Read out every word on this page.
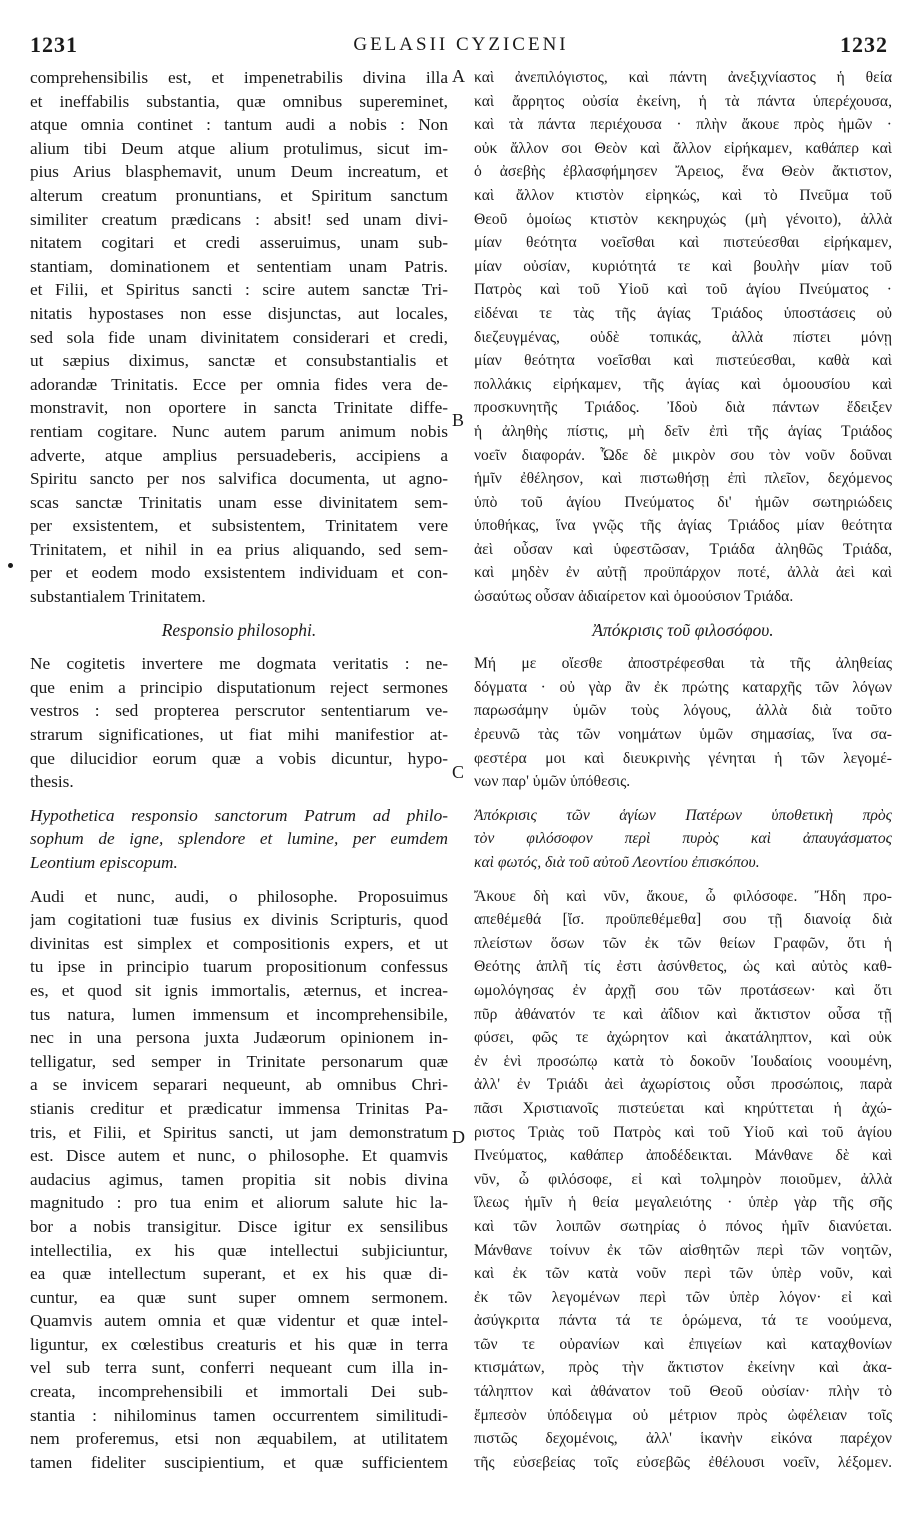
1231	GELASII CYZICENI	1232
A
B
C
D
comprehensibilis est, et impenetrabilis divina illa
et ineffabilis substantia, quæ omnibus supereminet,
atque omnia continet : tantum audi a nobis : Non
alium tibi Deum atque alium protulimus, sicut im-
pius Arius blasphemavit, unum Deum increatum, et
alterum creatum pronuntians, et Spiritum sanctum
similiter creatum prædicans : absit! sed unam divi-
nitatem cogitari et credi asseruimus, unam sub-
stantiam, dominationem et sententiam unam Patris.
et Filii, et Spiritus sancti : scire autem sanctæ Tri-
nitatis hypostases non esse disjunctas, aut locales,
sed sola fide unam divinitatem considerari et credi,
ut sæpius diximus, sanctæ et consubstantialis et
adorandæ Trinitatis. Ecce per omnia fides vera de-
monstravit, non oportere in sancta Trinitate diffe-
rentiam cogitare. Nunc autem parum animum nobis
adverte, atque amplius persuadeberis, accipiens a
Spiritu sancto per nos salvifica documenta, ut agno-
scas sanctæ Trinitatis unam esse divinitatem sem-
per exsistentem, et subsistentem, Trinitatem vere
Trinitatem, et nihil in ea prius aliquando, sed sem-
per et eodem modo exsistentem individuam et con-
substantialem Trinitatem.
Responsio philosophi.
Ne cogitetis invertere me dogmata veritatis : ne-
que enim a principio disputationum reject sermones
vestros : sed propterea perscrutor sententiarum ve-
strarum significationes, ut fiat mihi manifestior at-
que dilucidior eorum quæ a vobis dicuntur, hypo-
thesis.
Hypothetica responsio sanctorum Patrum ad philo-
sophum de igne, splendore et lumine, per eumdem
Leontium episcopum.
Audi et nunc, audi, o philosophe. Proposuimus
jam cogitationi tuæ fusius ex divinis Scripturis, quod
divinitas est simplex et compositionis expers, et ut
tu ipse in principio tuarum propositionum confessus
es, et quod sit ignis immortalis, æternus, et increa-
tus natura, lumen immensum et incomprehensibile,
nec in una persona juxta Judæorum opinionem in-
telligatur, sed semper in Trinitate personarum quæ
a se invicem separari nequeunt, ab omnibus Chri-
stianis creditur et prædicatur immensa Trinitas Pa-
tris, et Filii, et Spiritus sancti, ut jam demonstratum
est. Disce autem et nunc, o philosophe. Et quamvis
audacius agimus, tamen propitia sit nobis divina
magnitudo : pro tua enim et aliorum salute hic la-
bor a nobis transigitur. Disce igitur ex sensilibus
intellectilia, ex his quæ intellectui subjiciuntur,
ea quæ intellectum superant, et ex his quæ di-
cuntur, ea quæ sunt super omnem sermonem.
Quamvis autem omnia et quæ videntur et quæ intel-
liguntur, ex cœlestibus creaturis et his quæ in terra
vel sub terra sunt, conferri nequeant cum illa in-
creata, incomprehensibili et immortali Dei sub-
stantia : nihilominus tamen occurrentem similitudi-
nem proferemus, etsi non æquabilem, at utilitatem
tamen fideliter suscipientium, et quæ sufficientem
καὶ ἀνεπιλόγιστος, καὶ πάντη ἀνεξιχνίαστος ἡ θεία
καὶ ἄρρητος οὐσία ἐκείνη, ἡ τὰ πάντα ὑπερέχουσα,
καὶ τὰ πάντα περιέχουσα · πλὴν ἄκουε πρὸς ἡμῶν ·
οὐκ ἄλλον σοι Θεὸν καὶ ἄλλον εἰρήκαμεν, καθάπερ καὶ
ὁ ἀσεβὴς ἐβλασφήμησεν Ἄρειος, ἕνα Θεὸν ἄκτιστον,
καὶ ἄλλον κτιστὸν εἰρηκώς, καὶ τὸ Πνεῦμα τοῦ
Θεοῦ ὁμοίως κτιστὸν κεκηρυχώς (μὴ γένοιτο), ἀλλὰ
μίαν θεότητα νοεῖσθαι καὶ πιστεύεσθαι εἰρήκαμεν,
μίαν οὐσίαν, κυριότητά τε καὶ βουλὴν μίαν τοῦ
Πατρὸς καὶ τοῦ Υἱοῦ καὶ τοῦ ἁγίου Πνεύματος ·
εἰδέναι τε τὰς τῆς ἁγίας Τριάδος ὑποστάσεις οὐ
διεζευγμένας, οὐδὲ τοπικάς, ἀλλὰ πίστει μόνῃ
μίαν θεότητα νοεῖσθαι καὶ πιστεύεσθαι, καθὰ καὶ
πολλάκις εἰρήκαμεν, τῆς ἁγίας καὶ ὁμοουσίου καὶ
προσκυνητῆς Τριάδος. Ἰδοὺ διὰ πάντων ἔδειξεν
ἡ ἀληθὴς πίστις, μὴ δεῖν ἐπὶ τῆς ἁγίας Τριάδος
νοεῖν διαφοράν. Ὧδε δὲ μικρὸν σου τὸν νοῦν δοῦναι
ἡμῖν ἐθέλησον, καὶ πιστωθήσῃ ἐπὶ πλεῖον, δεχόμενος
ὑπὸ τοῦ ἁγίου Πνεύματος δι' ἡμῶν σωτηριώδεις
ὑποθήκας, ἵνα γνῷς τῆς ἁγίας Τριάδος μίαν θεότητα
ἀεὶ οὖσαν καὶ ὑφεστῶσαν, Τριάδα ἀληθῶς Τριάδα,
καὶ μηδὲν ἐν αὐτῇ προϋπάρχον ποτέ, ἀλλὰ ἀεὶ καὶ
ὡσαύτως οὖσαν ἀδιαίρετον καὶ ὁμοούσιον Τριάδα.
Ἀπόκρισις τοῦ φιλοσόφου.
Μή με οἴεσθε ἀποστρέφεσθαι τὰ τῆς ἀληθείας
δόγματα · οὐ γὰρ ἂν ἐκ πρώτης καταρχῆς τῶν λόγων
παρωσάμην ὑμῶν τοὺς λόγους, ἀλλὰ διὰ τοῦτο
ἐρευνῶ τὰς τῶν νοημάτων ὑμῶν σημασίας, ἵνα σα-
φεστέρα μοι καὶ διευκρινὴς γένηται ἡ τῶν λεγομέ-
νων παρ' ὑμῶν ὑπόθεσις.
Ἀπόκρισις τῶν ἁγίων Πατέρων ὑποθετικὴ πρὸς
τὸν φιλόσοφον περὶ πυρὸς καὶ ἀπαυγάσματος
καὶ φωτός, διὰ τοῦ αὐτοῦ Λεοντίου ἐπισκόπου.
Ἄκουε δὴ καὶ νῦν, ἄκουε, ὦ φιλόσοφε. Ἤδη προ-
απεθέμεθά [ἴσ. προϋπεθέμεθα] σου τῇ διανοίᾳ διὰ
πλείστων ὅσων τῶν ἐκ τῶν θείων Γραφῶν, ὅτι ἡ
Θεότης ἁπλῆ τίς ἐστι ἀσύνθετος, ὡς καὶ αὐτὸς καθ-
ωμολόγησας ἐν ἀρχῇ σου τῶν προτάσεων· καὶ ὅτι
πῦρ ἀθάνατόν τε καὶ ἀΐδιον καὶ ἄκτιστον οὖσα τῇ
φύσει, φῶς τε ἀχώρητον καὶ ἀκατάληπτον, καὶ οὐκ
ἐν ἑνὶ προσώπῳ κατὰ τὸ δοκοῦν Ἰουδαίοις νοουμένη,
ἀλλ' ἐν Τριάδι ἀεὶ ἀχωρίστοις οὖσι προσώποις, παρὰ
πᾶσι Χριστιανοῖς πιστεύεται καὶ κηρύττεται ἡ ἀχώ-
ριστος Τριὰς τοῦ Πατρὸς καὶ τοῦ Υἱοῦ καὶ τοῦ ἁγίου
Πνεύματος, καθάπερ ἀποδέδεικται. Μάνθανε δὲ καὶ
νῦν, ὦ φιλόσοφε, εἰ καὶ τολμηρὸν ποιοῦμεν, ἀλλὰ
ἵλεως ἡμῖν ἡ θεία μεγαλειότης · ὑπὲρ γὰρ τῆς σῆς
καὶ τῶν λοιπῶν σωτηρίας ὁ πόνος ἡμῖν διανύεται.
Μάνθανε τοίνυν ἐκ τῶν αἰσθητῶν περὶ τῶν νοητῶν,
καὶ ἐκ τῶν κατὰ νοῦν περὶ τῶν ὑπὲρ νοῦν, καὶ
ἐκ τῶν λεγομένων περὶ τῶν ὑπὲρ λόγον· εἰ καὶ
ἀσύγκριτα πάντα τά τε ὁρώμενα, τά τε νοούμενα,
τῶν τε οὐρανίων καὶ ἐπιγείων καὶ καταχθονίων
κτισμάτων, πρὸς τὴν ἄκτιστον ἐκείνην καὶ ἀκα-
τάληπτον καὶ ἀθάνατον τοῦ Θεοῦ οὐσίαν· πλὴν τὸ
ἔμπεσὸν ὑπόδειγμα οὐ μέτριον πρὸς ὠφέλειαν τοῖς
πιστῶς δεχομένοις, ἀλλ' ἱκανὴν εἰκόνα παρέχον
τῆς εὐσεβείας τοῖς εὐσεβῶς ἐθέλουσι νοεῖν, λέξομεν.
